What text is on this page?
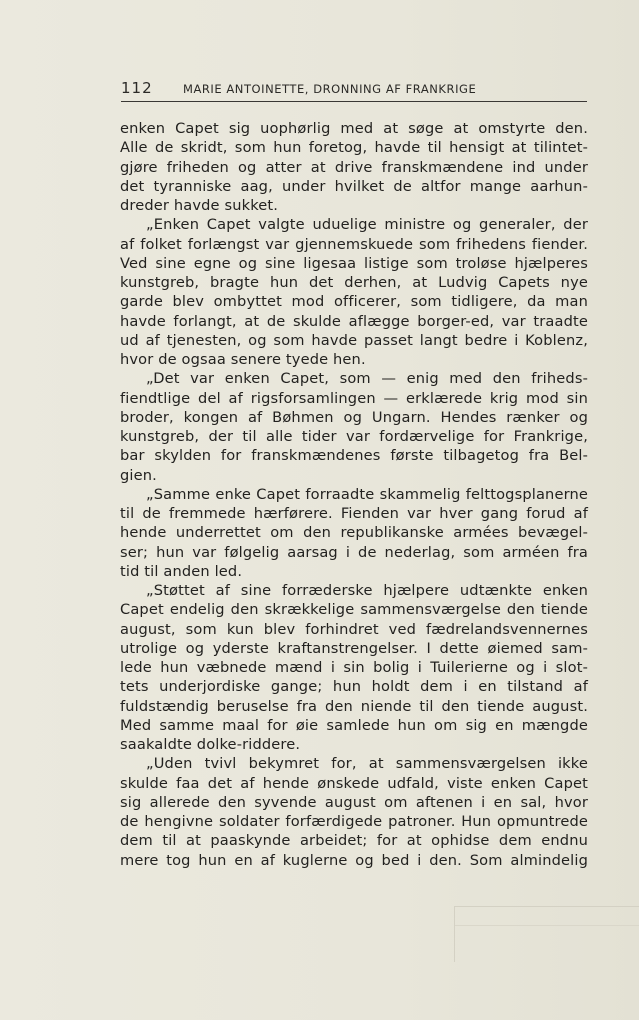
112	MARIE ANTOINETTE, DRONNING AF FRANKRIGE
enken Capet sig uophørlig med at søge at omstyrte den.
Alle de skridt, som hun foretog, havde til hensigt at tilintet-
gjøre friheden og atter at drive franskmændene ind under
det tyranniske aag, under hvilket de altfor mange aarhun-
dreder havde sukket.
„Enken Capet valgte uduelige ministre og generaler, der
af folket forlængst var gjennemskuede som frihedens fiender.
Ved sine egne og sine ligesaa listige som troløse hjælperes
kunstgreb, bragte hun det derhen, at Ludvig Capets nye
garde blev ombyttet mod officerer, som tidligere, da man
havde forlangt, at de skulde aflægge borger-ed, var traadte
ud af tjenesten, og som havde passet langt bedre i Koblenz,
hvor de ogsaa senere tyede hen.
„Det var enken Capet, som — enig med den friheds-
fiendtlige del af rigsforsamlingen — erklærede krig mod sin
broder, kongen af Bøhmen og Ungarn. Hendes rænker og
kunstgreb, der til alle tider var fordærvelige for Frankrige,
bar skylden for franskmændenes første tilbagetog fra Bel-
gien.
„Samme enke Capet forraadte skammelig felttogsplanerne
til de fremmede hærførere. Fienden var hver gang forud af
hende underrettet om den republikanske armées bevægel-
ser; hun var følgelig aarsag i de nederlag, som arméen fra
tid til anden led.
„Støttet af sine forræderske hjælpere udtænkte enken
Capet endelig den skrækkelige sammensværgelse den tiende
august, som kun blev forhindret ved fædrelandsvennernes
utrolige og yderste kraftanstrengelser. I dette øiemed sam-
lede hun væbnede mænd i sin bolig i Tuilerierne og i slot-
tets underjordiske gange; hun holdt dem i en tilstand af
fuldstændig beruselse fra den niende til den tiende august.
Med samme maal for øie samlede hun om sig en mængde
saakaldte dolke-riddere.
„Uden tvivl bekymret for, at sammensværgelsen ikke
skulde faa det af hende ønskede udfald, viste enken Capet
sig allerede den syvende august om aftenen i en sal, hvor
de hengivne soldater forfærdigede patroner. Hun opmuntrede
dem til at paaskynde arbeidet; for at ophidse dem endnu
mere tog hun en af kuglerne og bed i den. Som almindelig
